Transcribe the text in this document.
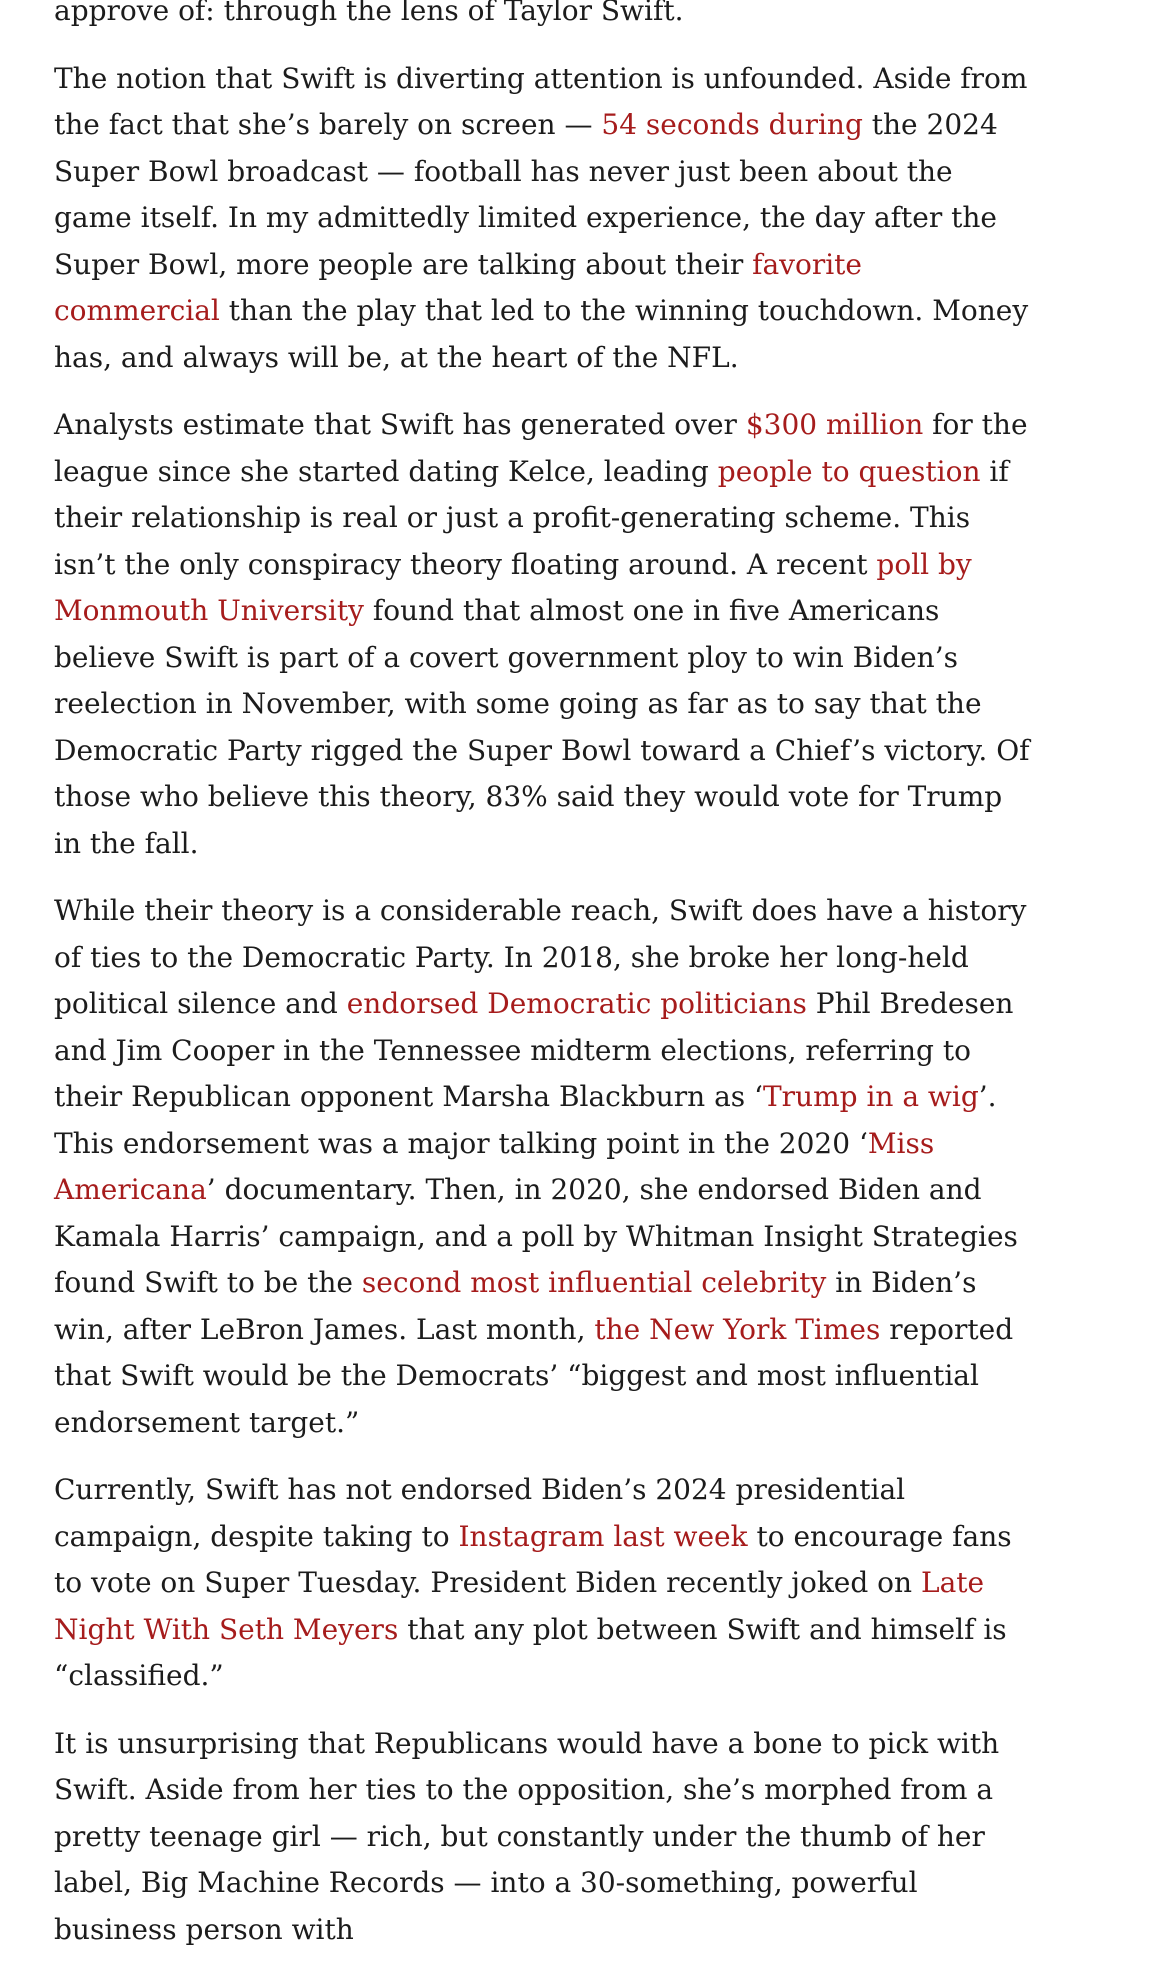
approve of: through the lens of Taylor Swift.

The notion that Swift is diverting attention is unfounded. Aside from the fact that she’s barely on screen — 54 seconds during the 2024 Super Bowl broadcast — football has never just been about the game itself. In my admittedly limited experience, the day after the Super Bowl, more people are talking about their favorite commercial than the play that led to the winning touchdown. Money has, and always will be, at the heart of the NFL.

Analysts estimate that Swift has generated over $300 million for the league since she started dating Kelce, leading people to question if their relationship is real or just a profit-generating scheme. This isn’t the only conspiracy theory floating around. A recent poll by Monmouth University found that almost one in five Americans believe Swift is part of a covert government ploy to win Biden’s reelection in November, with some going as far as to say that the Democratic Party rigged the Super Bowl toward a Chief’s victory. Of those who believe this theory, 83% said they would vote for Trump in the fall.

While their theory is a considerable reach, Swift does have a history of ties to the Democratic Party. In 2018, she broke her long-held political silence and endorsed Democratic politicians Phil Bredesen and Jim Cooper in the Tennessee midterm elections, referring to their Republican opponent Marsha Blackburn as ‘Trump in a wig’. This endorsement was a major talking point in the 2020 ‘Miss Americana’ documentary. Then, in 2020, she endorsed Biden and Kamala Harris’ campaign, and a poll by Whitman Insight Strategies found Swift to be the second most influential celebrity in Biden’s win, after LeBron James. Last month, the New York Times reported that Swift would be the Democrats’ “biggest and most influential endorsement target.”

Currently, Swift has not endorsed Biden’s 2024 presidential campaign, despite taking to Instagram last week to encourage fans to vote on Super Tuesday. President Biden recently joked on Late Night With Seth Meyers that any plot between Swift and himself is “classified.”

It is unsurprising that Republicans would have a bone to pick with Swift. Aside from her ties to the opposition, she’s morphed from a pretty teenage girl — rich, but constantly under the thumb of her label, Big Machine Records — into a 30-something, powerful business person with
